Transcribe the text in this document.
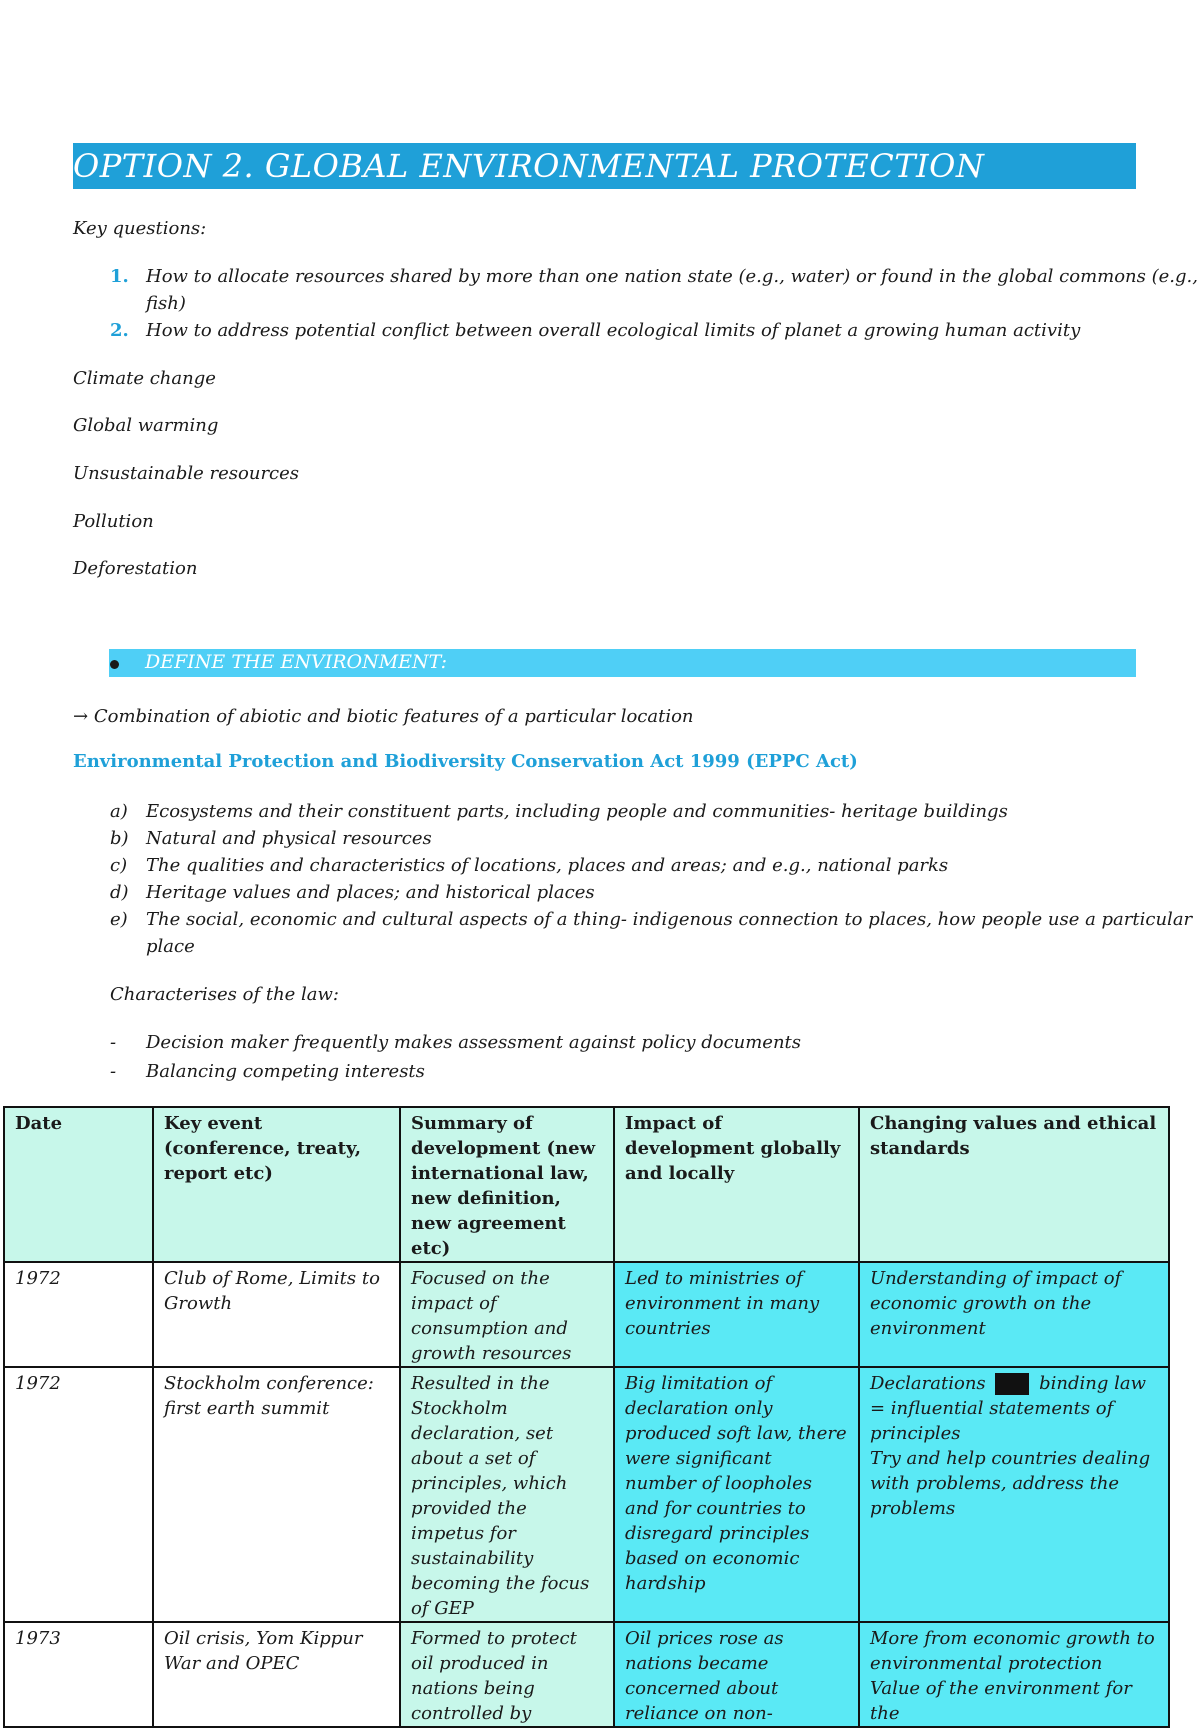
OPTION 2. GLOBAL ENVIRONMENTAL PROTECTION
Key questions:
1. How to allocate resources shared by more than one nation state (e.g., water) or found in the global commons (e.g.,
fish)
2. How to address potential conflict between overall ecological limits of planet a growing human activity
Climate change
Global warming
Unsustainable resources
Pollution
Deforestation
DEFINE THE ENVIRONMENT:
→ Combination of abiotic and biotic features of a particular location
Environmental Protection and Biodiversity Conservation Act 1999 (EPPC Act)
a) Ecosystems and their constituent parts, including people and communities- heritage buildings
b) Natural and physical resources
c) The qualities and characteristics of locations, places and areas; and e.g., national parks
d) Heritage values and places; and historical places
e) The social, economic and cultural aspects of a thing- indigenous connection to places, how people use a particular
place
Characterises of the law:
- Decision maker frequently makes assessment against policy documents
- Balancing competing interests
Date	Key event (conference, treaty, report etc)	Summary of development (new international law, new definition, new agreement etc)	Impact of development globally and locally	Changing values and ethical standards
1972	Club of Rome, Limits to Growth	Focused on the impact of consumption and growth resources	Led to ministries of environment in many countries	Understanding of impact of economic growth on the environment
1972	Stockholm conference: first earth summit	Resulted in the Stockholm declaration, set about a set of principles, which provided the impetus for sustainability becoming the focus of GEP	Big limitation of declaration only produced soft law, there were significant number of loopholes and for countries to disregard principles based on economic hardship	Declarations binding law
= influential statements of principles
Try and help countries dealing with problems, address the problems
1973	Oil crisis, Yom Kippur War and OPEC	Formed to protect oil produced in nations being controlled by	Oil prices rose as nations became concerned about reliance on non-	More from economic growth to environmental protection Value of the environment for the
